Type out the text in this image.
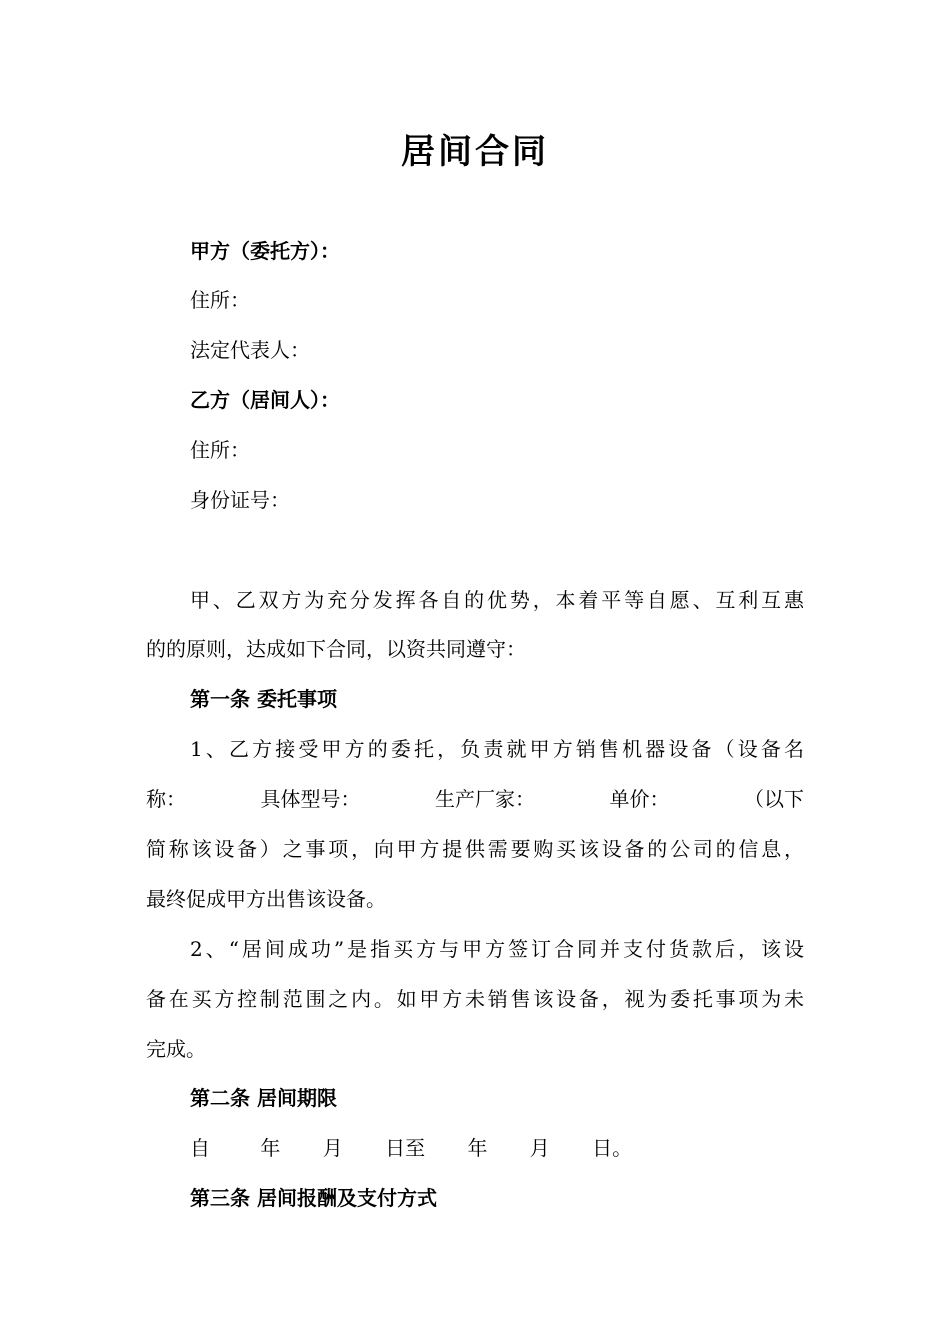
居间合同
甲方（委托方）：
住所：
法定代表人：
乙方（居间人）：
住所：
身份证号：
甲、乙双方为充分发挥各自的优势，本着平等自愿、互利互惠
的的原则，达成如下合同，以资共同遵守：
第一条 委托事项
1、乙方接受甲方的委托，负责就甲方销售机器设备（设备名
称：	具体型号：	生产厂家：	单价：	（以下
简称该设备）之事项，向甲方提供需要购买该设备的公司的信息，
最终促成甲方出售该设备。
2、“居间成功”是指买方与甲方签订合同并支付货款后，该设
备在买方控制范围之内。如甲方未销售该设备，视为委托事项为未
完成。
第二条 居间期限
自	年 月 日至 年 月 日。
第三条 居间报酬及支付方式
